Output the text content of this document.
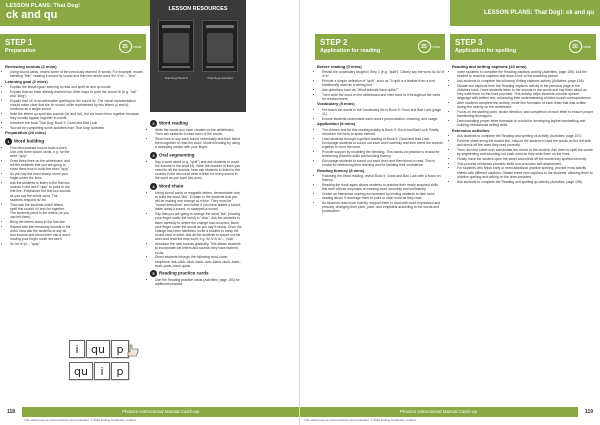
LESSON PLANS: That Dog!
ck and qu
STEP 1
Preparation
25	mins
Reviewing sounds (3 mins)
• Using sound cards, review some of the previously learned th words. For example, model blending "thin": reading it sound by sound and then the whole word /th/ /i/ /n/ – "thin".
Learning goal (2 mins)
• Explain the lesson goal: learning to read and spell ck and qu words.
• Explain that we have already learned two other ways to spell the sound /k/ (e.g. "cat" and "king").
• Explain that 'ck' is an alternative spelling for the sound /k/. The visual representation should make clear that the /k/ sound, while represented by two letters (c and k), functions as a single sound.
• Note the letters qu spell two sounds (/k/ and /w/), but we teach them together because they usually appear together in words.
• Introduce the book That Dog! Book 9: Good and Bad Luck
• You will be completing some activities from That Dog! Activities
Preparation (20 mins)
1 Word building
• First demonstrate how to build a word. Use only three sound cards, e.g. for the word "quip".
• Draw three lines on the whiteboard, and tell the students that you are going to show them how to build the word "quip".
• As you say the word slowly, move your finger under the lines.
• Ask the students to listen to the first two sounds in the word "quip" to point to the first line. Emphasize the first two sounds as you say the whole word. The students respond /k/ /w/.
• Then ask the students which letters spell this sound: /k/ and /w/ together. The students point to the letters (or you can tell them).
• Bring the letters down to the first line.
• Repeat with the remaining sounds in the word. Now ask the students to say all four sounds and blend them into a word, moving your finger under the word.
• /k/ /w/ /i/ /p/ – "quip".
i	qu	p
qu	i	p
LESSON RESOURCES
That Dog! Book 9	That Dog! Activities
2 Word reading
• Write the words you have created on the whiteboard. Then ask students to read each of the words.
• Show how to say each sound individually and then blend them together to read the word. Model blending by using a sweeping motion with your finger.
3 Oral segmenting
• Say a word aloud (e.g. "quilt") and ask students to count the sounds in the word (4). Write the number of lines you need for all the sounds. Now ask students to listen to the sounds in the word and write a letter for every sound in the word as you spell this word.
4 Word chain
• Using sound cards or magnetic letters, demonstrate how to build the word "lick". Explain to the students that you will be making one change at a time. They must be "sound detectives" and notice if you have added a sound, taken away a sound, or swapped a sound.
• Say that you are going to change the word "lick" (moving your finger under the word) to "click". Ask the students to listen carefully to where the change has occurred. Move your finger under the words as you say it slowly. Once the change has been identified, invite a student to swap the sound card or letter. Ask all the students to sound out the word and read the new word, e.g. /k/ /l/ /i/ /k/ – "click".
• Introduce the new sounds gradually. This allows students to incorporate the letters and sounds they have learned so far.
• Direct students through the following word-chain sequence: lick–click–deck–back–luck–black–duck–back–buck–pack–track–quick.
5 Reading practice cards
• Use the Reading practice cards (Activities, page 154) for additional practice.
118	Phonics Instructional Manual Catch-up
This sheet may be photocopied by the purchaser. © 2024 Dolling Kindersley Limited
LESSON PLANS: That Dog!: ck and qu
STEP 2
Application for reading
25	mins STEP 3
Application for spelling
20	mins
Before reading (3 mins)
• Revisit the vocabulary taught in Step 1 (e.g. "quilt"). Clearly say the word /k/ /w/ /i/ /l/ /t/.
• Provide a simple definition of "quilt", such as "A quilt is a feather from a bird, traditionally used as a writing tool."
• Ask questions such as "What animals have quills?"
• Then write the word on the whiteboard and refer back to it throughout the week for reinforcement.
Vocabulary (5 mins)
• Pre-teach the words in the Vocabulary list in Book 9: Good and Bad Luck (page 11).
• Ensure students understand each word's pronunciation, meaning, and usage.
Application (8 mins)
• The chosen text for this reading activity is Book 9: Good and Bad Luck. Briefly introduce the book to spark interest.
• Lead students through a guided reading of Book 9: Good and Bad Luck. Encourage students to sound out each word carefully and then blend the sounds together to form the word.
• Provide support by modeling the blending. This hands-on practice is crucial for reinforcing phonetic skills and building fluency.
• Encourage students to sound out each word and then blend to read. This is crucial for reinforcing their learning and for building their confidence.
Reading fluency (8 mins)
• Following the initial reading, revisit Book 9: Good and Bad Luck with a focus on fluency.
• Reading the book again allows students to practice their newly acquired skills, this time with an emphasis on reading more smoothly and confidently.
• Create an interactive reading environment by inviting students to take turns reading aloud. Encourage them to point to each word as they read.
• As students read more fluently, support them to read with more expression and prosody, changing their pitch, pace, and emphasis according to the words and punctuation.
Reading and writing captions (20 mins)
• Invite students to complete the Reading captions activity (Activities, page 155). Ask the student to read the captions and draw a line to the matching picture.
• Ask students to complete the following Writing captions activity (Activities, page 156).
• Dictate two captions from the Reading captions activity in the previous page in the Activities book. Have students listen to the sounds in the words and say them aloud as they write them on the lines provided. This activity helps students connect spoken language with written text, enhancing their understanding of letter-sound correspondence.
• After students complete the activity, model the formation of each letter that was written during the activity on the whiteboard.
• Focus on the starting point, stroke direction, and completion of each letter to ensure proper handwriting techniques.
• Demonstrating proper letter formation is crucial for developing legible handwriting and building foundational writing skills.
Extension activities
• Ask students to complete the Reading and spelling ck activity (Activities, page 157).
• Fold the sheet along the dotted line. Instruct the student to read the words on the left side and check off the ones they read correctly.
• Then, turn the sheet over and dictate the words to the student. Ask them to spell the words by segmenting and sounding out each word as they write them on the lines.
• Finally, have the student open the sheet and check off the words they spelled correctly.
• This process reinforces phonetic skills and promotes self-assessment.
• For students who finish early or need additional practice spelling, provide extra activity sheets with different captions. Dictate these new captions to the students, allowing them to practice spelling and writing on the lines provided.
• Ask students to complete the Reading and spelling qu activity (Activities, page 158).
119
Phonics Instructional Manual Catch-up
This sheet may be photocopied by the purchaser. © 2024 Dolling Kindersley Limited
